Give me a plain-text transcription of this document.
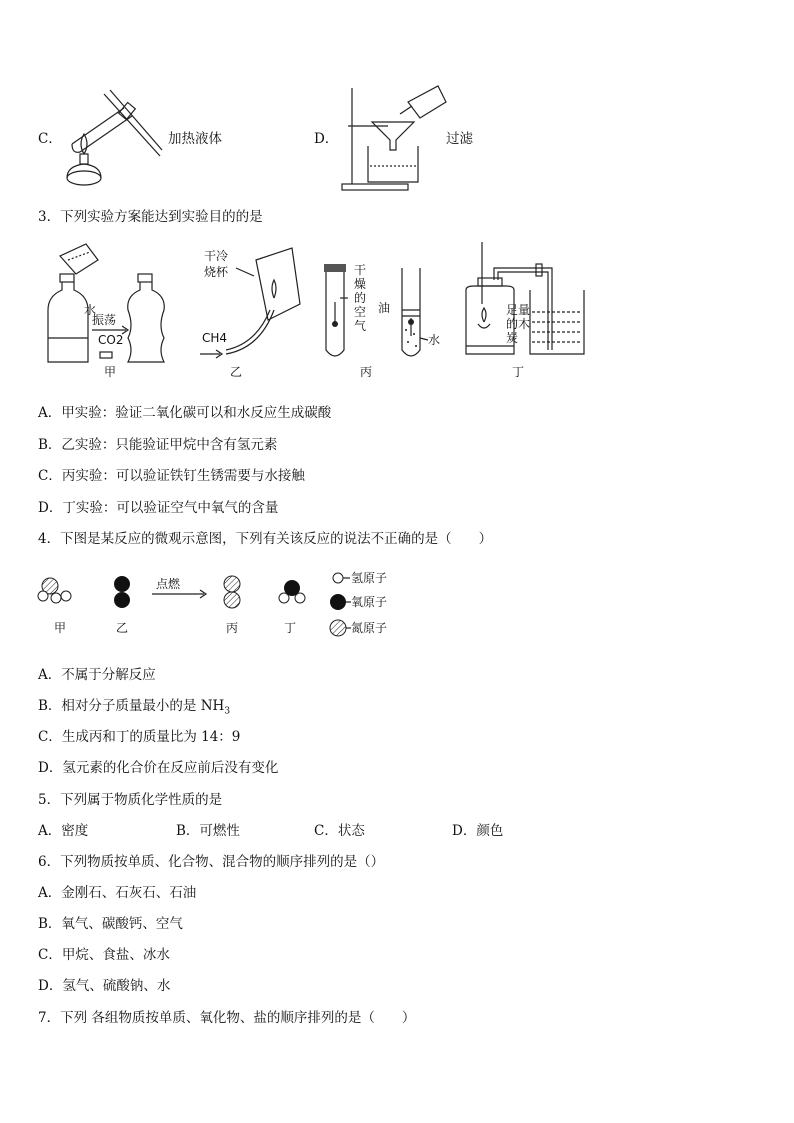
C．	加热液体	D．	过滤
3．下列实验方案能达到实验目的的是
水
振荡
CO2
甲
干冷
烧杯
CH4
乙
干
燥
的
空
气
油
水
丙
足量
的木
炭
丁
A．甲实验：验证二氧化碳可以和水反应生成碳酸
B．乙实验：只能验证甲烷中含有氢元素
C．丙实验：可以验证铁钉生锈需要与水接触
D．丁实验：可以验证空气中氧气的含量
4．下图是某反应的微观示意图，下列有关该反应的说法不正确的是（　　）
甲	乙
点燃
丙	丁
氢原子
氧原子
氮原子
A．不属于分解反应
B．相对分子质量最小的是 $NH_3$
C．生成丙和丁的质量比为 14：9
D．氢元素的化合价在反应前后没有变化
5．下列属于物质化学性质的是
A．密度	B．可燃性	C．状态	D．颜色
6．下列物质按单质、化合物、混合物的顺序排列的是（）
A．金刚石、石灰石、石油
B．氧气、碳酸钙、空气
C．甲烷、食盐、冰水
D．氢气、硫酸钠、水
7．下列 各组物质按单质、氧化物、盐的顺序排列的是（　　）
